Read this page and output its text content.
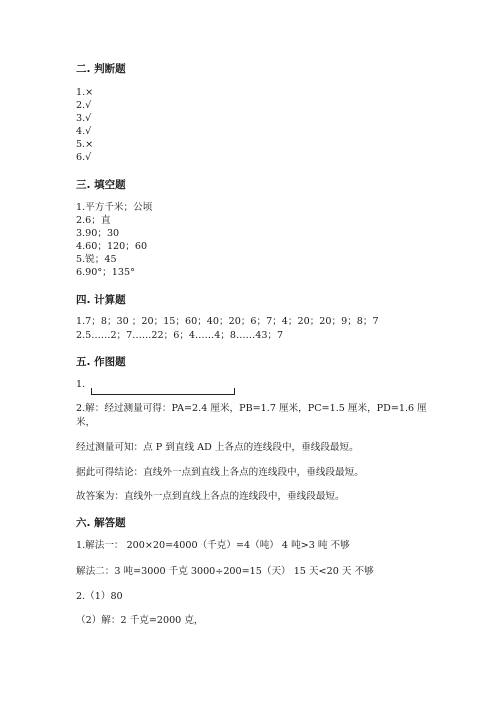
二. 判断题
1.×
2.√
3.√
4.√
5.×
6.√
三. 填空题
1.平方千米；公顷
2.6；直
3.90；30
4.60；120；60
5.锐；45
6.90°；135°
四. 计算题
1.7；8；30 ；20；15；60；40；20；6；7；4；20；20；9；8；7
2.5……2；7……22；6；4……4；8……43；7
五. 作图题
1.
2.解：经过测量可得：PA=2.4 厘米，PB=1.7 厘米，PC=1.5 厘米，PD=1.6 厘
米，
经过测量可知：点 P 到直线 AD 上各点的连线段中，垂线段最短。
据此可得结论：直线外一点到直线上各点的连线段中，垂线段最短。
故答案为：直线外一点到直线上各点的连线段中，垂线段最短。
六. 解答题
1.解法一： 200×20=4000（千克）=4（吨） 4 吨>3 吨 不够
解法二：3 吨=3000 千克 3000÷200=15（天） 15 天<20 天 不够
2.（1）80
（2）解：2 千克=2000 克，
